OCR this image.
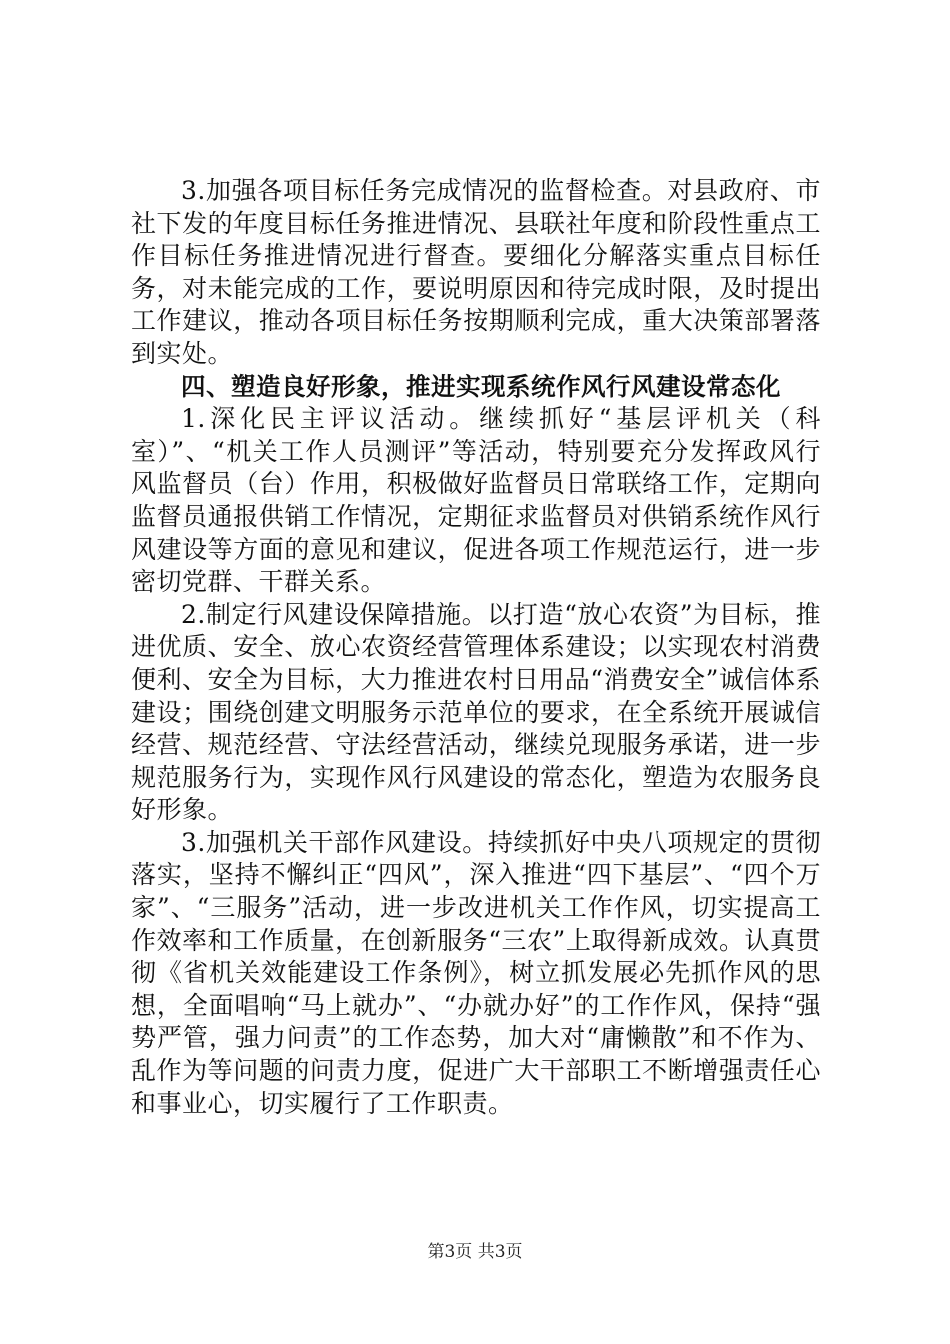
3.加强各项目标任务完成情况的监督检查。对县政府、市社下发的年度目标任务推进情况、县联社年度和阶段性重点工作目标任务推进情况进行督查。要细化分解落实重点目标任务，对未能完成的工作，要说明原因和待完成时限，及时提出工作建议，推动各项目标任务按期顺利完成，重大决策部署落到实处。

四、塑造良好形象，推进实现系统作风行风建设常态化

1.深化民主评议活动。继续抓好“基层评机关（科室）”、“机关工作人员测评”等活动，特别要充分发挥政风行风监督员（台）作用，积极做好监督员日常联络工作，定期向监督员通报供销工作情况，定期征求监督员对供销系统作风行风建设等方面的意见和建议，促进各项工作规范运行，进一步密切党群、干群关系。

2.制定行风建设保障措施。以打造“放心农资”为目标，推进优质、安全、放心农资经营管理体系建设；以实现农村消费便利、安全为目标，大力推进农村日用品“消费安全”诚信体系建设；围绕创建文明服务示范单位的要求，在全系统开展诚信经营、规范经营、守法经营活动，继续兑现服务承诺，进一步规范服务行为，实现作风行风建设的常态化，塑造为农服务良好形象。

3.加强机关干部作风建设。持续抓好中央八项规定的贯彻落实，坚持不懈纠正“四风”，深入推进“四下基层”、“四个万家”、“三服务”活动，进一步改进机关工作作风，切实提高工作效率和工作质量，在创新服务“三农”上取得新成效。认真贯彻《省机关效能建设工作条例》，树立抓发展必先抓作风的思想，全面唱响“马上就办”、“办就办好”的工作作风，保持“强势严管，强力问责”的工作态势，加大对“庸懒散”和不作为、乱作为等问题的问责力度，促进广大干部职工不断增强责任心和事业心，切实履行了工作职责。

第3页 共3页
